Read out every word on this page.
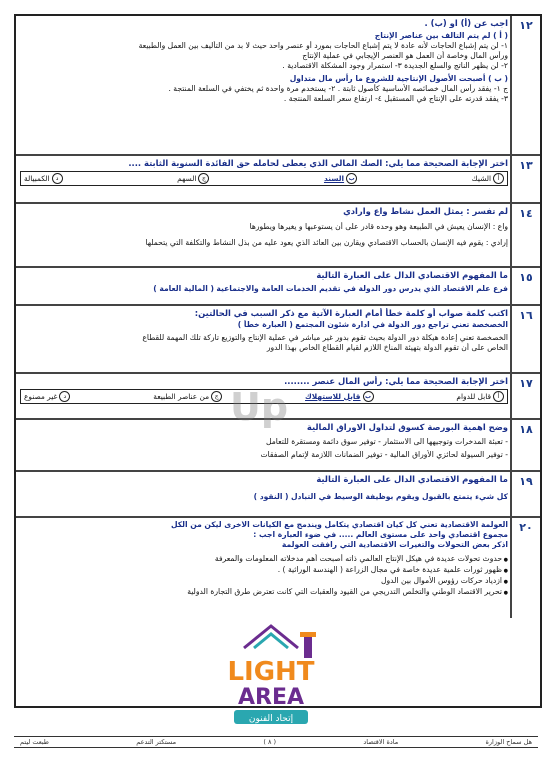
١٢
اجب عن (أ) او (ب) .
( أ ) لم يتم التالف بين عناصر الإنتاج
١- لن يتم إشباع الحاجات لأنه عادة لا يتم إشباع الحاجات بمورد أو عنصر واحد حيث لا بد من التأليف بين العمل والطبيعة
ورأس المال وخاصة أن العمل هو العنصر الإيجابي في عملية الإنتاج
٢- لن يظهر الناتج والسلع الجديدة ٣- استمرار وجود المشكلة الاقتصادية .
( ب ) أصبحت الأصول الإنتاجية للشروع ما رأس مال متداول
ج ١- يفقد رأس المال خصائصه الأساسية كأصول ثابتة . ٢- يستخدم مرة واحدة ثم يختفي في السلعة المنتجة .
٣- يفقد قدرته على الإنتاج في المستقبل ٤- ارتفاع سعر السلعة المنتجة .
١٣
اختر الإجابة الصحيحة مما يلي: الصك المالي الذي يعطى لحامله حق الفائدة السنوية الثابتة ....
أ
الشيك
ب
السند
ج
السهم
د
الكمبيالة
١٤
لم تفسر : يمثل العمل نشاط واع وارادي
واع : الإنسان يعيش في الطبيعة وهو وحده قادر على أن يستوعبها و يغيرها ويطورها
إرادي : يقوم فيه الإنسان بالحساب الاقتصادي ويقارن بين العائد الذي يعود عليه من بذل النشاط والتكلفة التي يتحملها
١٥
ما المفهوم الاقتصادي الدال على العبارة التالية
فرع علم الاقتصاد الذي يدرس دور الدولة في تقديم الخدمات العامة والاجتماعية ( المالية العامة )
١٦
اكتب كلمة صواب أو كلمة خطأ أمام العبارة الآتية مع ذكر السبب في الحالتين:
الخصخصة تعني تراجع دور الدولة في ادارة شئون المجتمع ( العبارة خطأ )
الخصخصة تعني إعادة هيكلة دور الدولة بحيث تقوم بدور غير مباشر في عملية الإنتاج والتوزيع تاركة تلك المهمة للقطاع
الخاص على أن تقوم الدولة بتهيئة المناخ اللازم لقيام القطاع الخاص بهذا الدور
١٧
اختر الإجابة الصحيحة مما يلي: رأس المال عنصر ........
أ
قابل للدوام
ب
قابل للاستهلاك
ج
من عناصر الطبيعة
د
غير مصنوع
١٨
وضح اهمية البورصة كسوق لتداول الاوراق المالية
- تعبئة المدخرات وتوجيهها الى الاستثمار - توفير سوق دائمة ومستقرة للتعامل
- توفير السيولة لحائزي الأوراق المالية - توفير الضمانات اللازمة لإتمام الصفقات
١٩
ما المفهوم الاقتصادي الدال على العبارة التالية
كل شيء يتمتع بالقبول ويقوم بوظيفة الوسيط في التبادل ( النقود )
٢٠
العولمة الاقتصادية تعني كل كيان اقتصادي يتكامل ويندمج مع الكيانات الاخرى ليكن من الكل
مجموع اقتصادي واحد على مستوى العالم ..... في ضوء العبارة اجب :
اذكر بعض التحولات والتغيرات الاقتصادية التي رافقت العولمة
● حدوث تحولات عديدة في هيكل الإنتاج العالمي ذاته أصبحت أهم مدخلاته المعلومات والمعرفة
● ظهور ثورات علمية عديدة خاصة في مجال الزراعة ( الهندسة الوراثية ) .
● ازدياد حركات رؤوس الأموال بين الدول
● تحرير الاقتصاد الوطني والتخلص التدريجي من القيود والعقبات التي كانت تعترض طرق التجارة الدولية
Up
LIGHT
AREA
إتحاد الفنون
هل سماح الوزارة
مادة الاقتصاد
( ٨ )
مستكتر التدعم
طبعت ليتم
